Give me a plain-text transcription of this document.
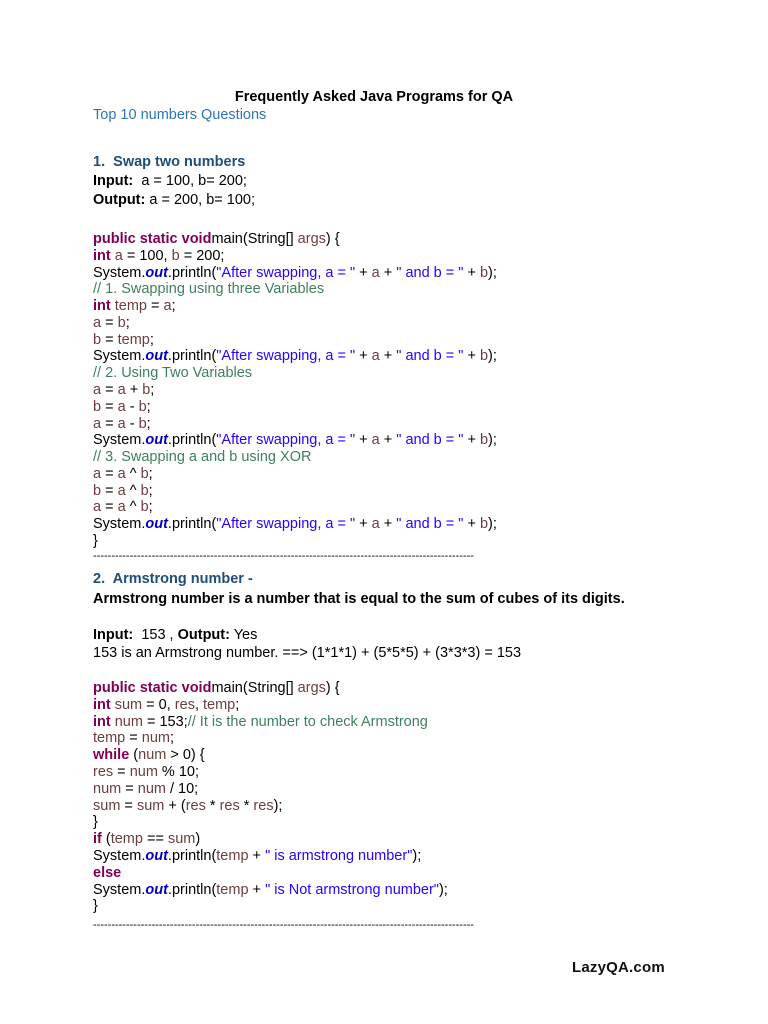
Frequently Asked Java Programs for QA
Top 10 numbers Questions
1.  Swap two numbers
Input:  a = 100, b= 200;
Output: a = 200, b= 100;
public static voidmain(String[] args) {
int a = 100, b = 200;
System.out.println("After swapping, a = " + a + " and b = " + b);
// 1. Swapping using three Variables
int temp = a;
a = b;
b = temp;
System.out.println("After swapping, a = " + a + " and b = " + b);
// 2. Using Two Variables
a = a + b;
b = a - b;
a = a - b;
System.out.println("After swapping, a = " + a + " and b = " + b);
// 3. Swapping a and b using XOR
a = a ^ b;
b = a ^ b;
a = a ^ b;
System.out.println("After swapping, a = " + a + " and b = " + b);
}
2.  Armstrong number -
Armstrong number is a number that is equal to the sum of cubes of its digits.
Input:  153 , Output: Yes
153 is an Armstrong number. ==> (1*1*1) + (5*5*5) + (3*3*3) = 153
public static voidmain(String[] args) {
int sum = 0, res, temp;
int num = 153;// It is the number to check Armstrong
temp = num;
while (num > 0) {
res = num % 10;
num = num / 10;
sum = sum + (res * res * res);
}
if (temp == sum)
System.out.println(temp + " is armstrong number");
else
System.out.println(temp + " is Not armstrong number");
}
--------------------------------------------------------------------------------------------------------
--------------------------------------------------------------------------------------------------------
LazyQA.com
